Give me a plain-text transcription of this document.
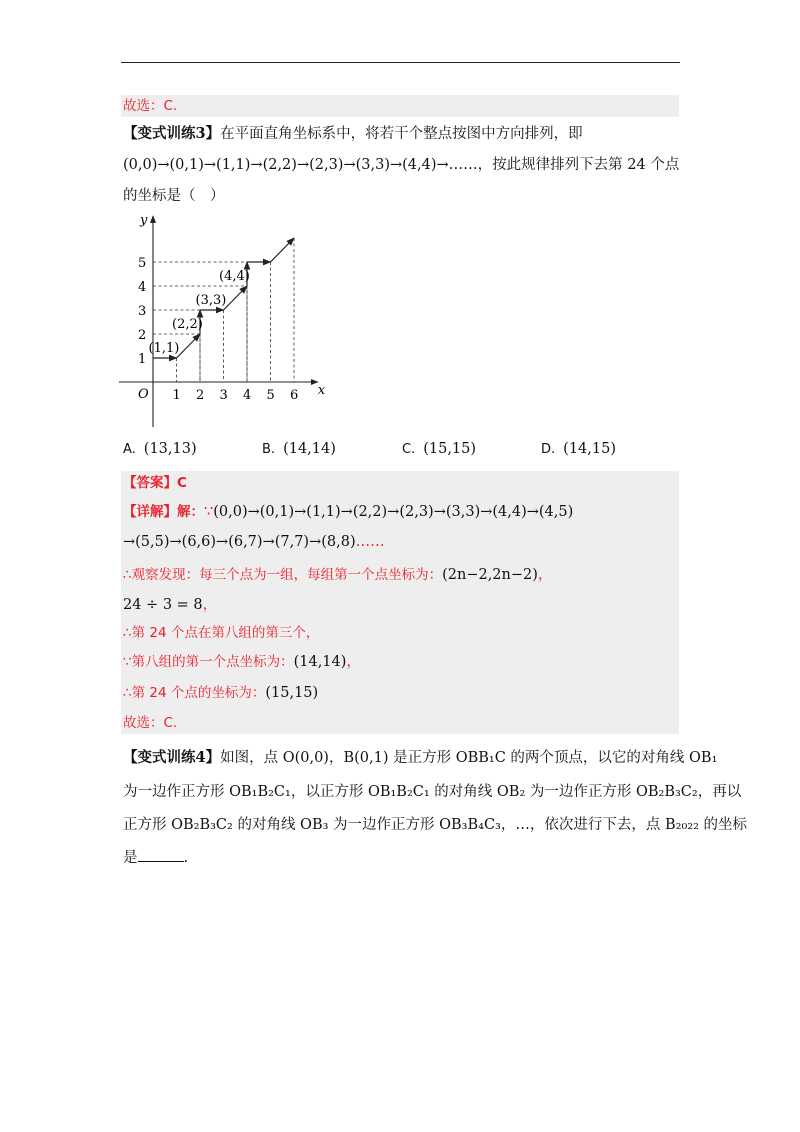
故选：C.
【变式训练3】在平面直角坐标系中，将若干个整点按图中方向排列，即
(0,0)→(0,1)→(1,1)→(2,2)→(2,3)→(3,3)→(4,4)→……，按此规律排列下去第 24 个点
的坐标是（　）
x
y
O 1 2 3 4 5 6
1
2
3
4
5
(1,1)
(2,2)
(3,3)
(4,4)
A. (13,13)	B. (14,14)	C. (15,15)	D. (14,15)
【答案】C
【详解】解：∵(0,0)→(0,1)→(1,1)→(2,2)→(2,3)→(3,3)→(4,4)→(4,5)
→(5,5)→(6,6)→(6,7)→(7,7)→(8,8)……
∴观察发现：每三个点为一组，每组第一个点坐标为：(2n−2,2n−2)，
24 ÷ 3 = 8，
∴第 24 个点在第八组的第三个，
∵第八组的第一个点坐标为：(14,14)，
∴第 24 个点的坐标为：(15,15)
故选：C.
【变式训练4】如图，点 O(0,0)，B(0,1) 是正方形 OBB₁C 的两个顶点，以它的对角线 OB₁
为一边作正方形 OB₁B₂C₁，以正方形 OB₁B₂C₁ 的对角线 OB₂ 为一边作正方形 OB₂B₃C₂，再以
正方形 OB₂B₃C₂ 的对角线 OB₃ 为一边作正方形 OB₃B₄C₃，…，依次进行下去，点 B₂₀₂₂ 的坐标
是	.
